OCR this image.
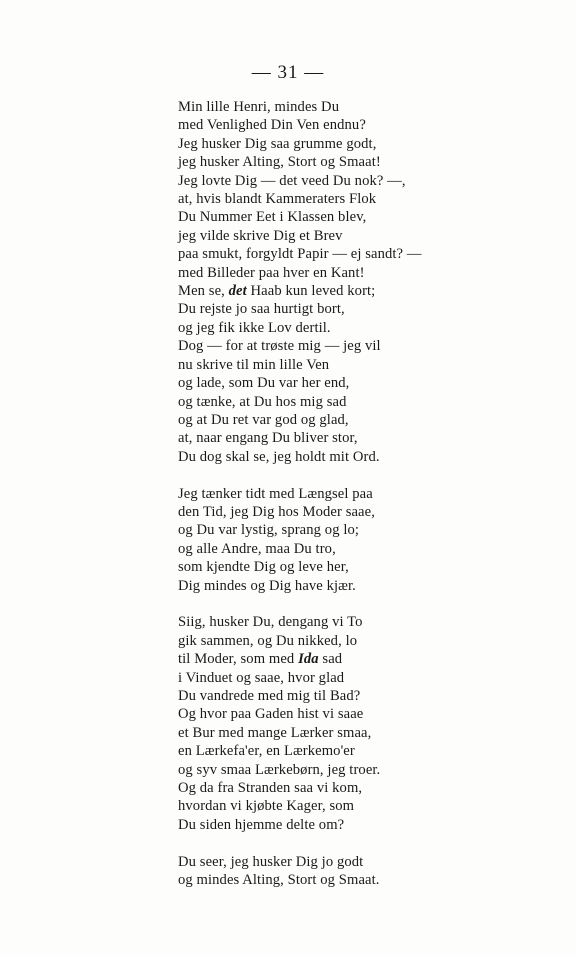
— 31 —
Min lille Henri, mindes Du
med Venlighed Din Ven endnu?
Jeg husker Dig saa grumme godt,
jeg husker Alting, Stort og Smaat!
Jeg lovte Dig — det veed Du nok? —,
at, hvis blandt Kammeraters Flok
Du Nummer Eet i Klassen blev,
jeg vilde skrive Dig et Brev
paa smukt, forgyldt Papir — ej sandt? —
med Billeder paa hver en Kant!
Men se, det Haab kun leved kort;
Du rejste jo saa hurtigt bort,
og jeg fik ikke Lov dertil.
Dog — for at trøste mig — jeg vil
nu skrive til min lille Ven
og lade, som Du var her end,
og tænke, at Du hos mig sad
og at Du ret var god og glad,
at, naar engang Du bliver stor,
Du dog skal se, jeg holdt mit Ord.
Jeg tænker tidt med Længsel paa
den Tid, jeg Dig hos Moder saae,
og Du var lystig, sprang og lo;
og alle Andre, maa Du tro,
som kjendte Dig og leve her,
Dig mindes og Dig have kjær.
Siig, husker Du, dengang vi To
gik sammen, og Du nikked, lo
til Moder, som med Ida sad
i Vinduet og saae, hvor glad
Du vandrede med mig til Bad?
Og hvor paa Gaden hist vi saae
et Bur med mange Lærker smaa,
en Lærkefa'er, en Lærkemo'er
og syv smaa Lærkebørn, jeg troer.
Og da fra Stranden saa vi kom,
hvordan vi kjøbte Kager, som
Du siden hjemme delte om?
Du seer, jeg husker Dig jo godt
og mindes Alting, Stort og Smaat.
